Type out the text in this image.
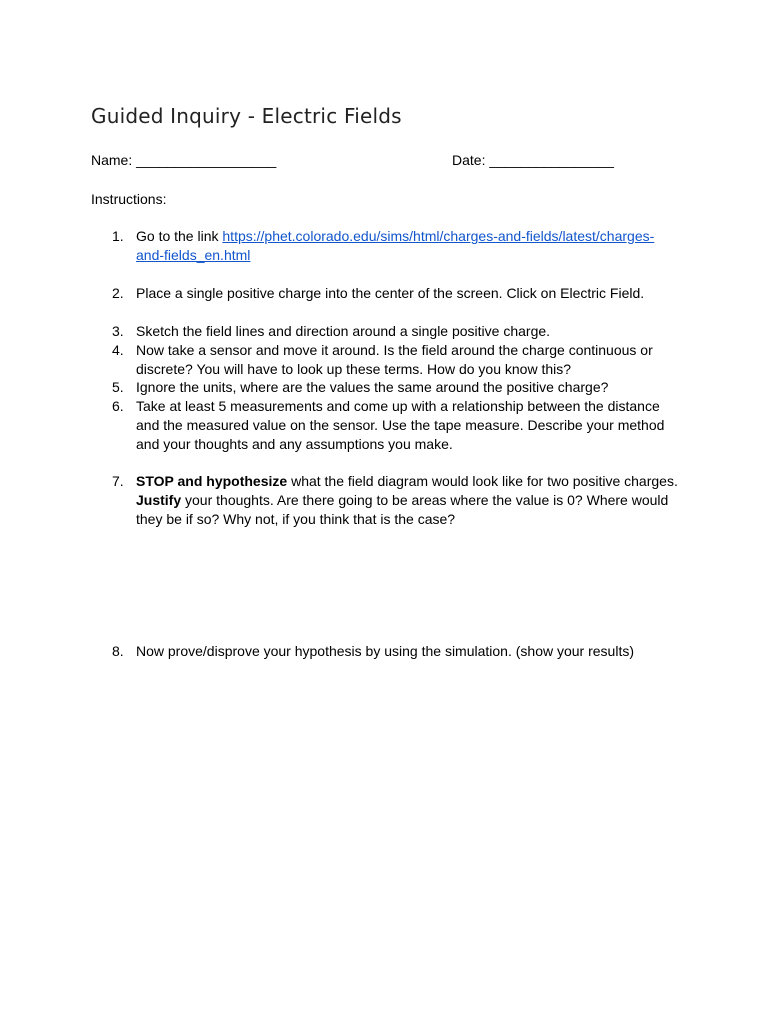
Guided Inquiry - Electric Fields
Name: __________________	Date: ________________
Instructions:
1. Go to the link https://phet.colorado.edu/sims/html/charges-and-fields/latest/charges-and-fields_en.html
2. Place a single positive charge into the center of the screen. Click on Electric Field.
3. Sketch the field lines and direction around a single positive charge.
4. Now take a sensor and move it around. Is the field around the charge continuous or discrete? You will have to look up these terms. How do you know this?
5. Ignore the units, where are the values the same around the positive charge?
6. Take at least 5 measurements and come up with a relationship between the distance and the measured value on the sensor. Use the tape measure. Describe your method and your thoughts and any assumptions you make.
7. STOP and hypothesize what the field diagram would look like for two positive charges. Justify your thoughts. Are there going to be areas where the value is 0? Where would they be if so? Why not, if you think that is the case?
8. Now prove/disprove your hypothesis by using the simulation. (show your results)
